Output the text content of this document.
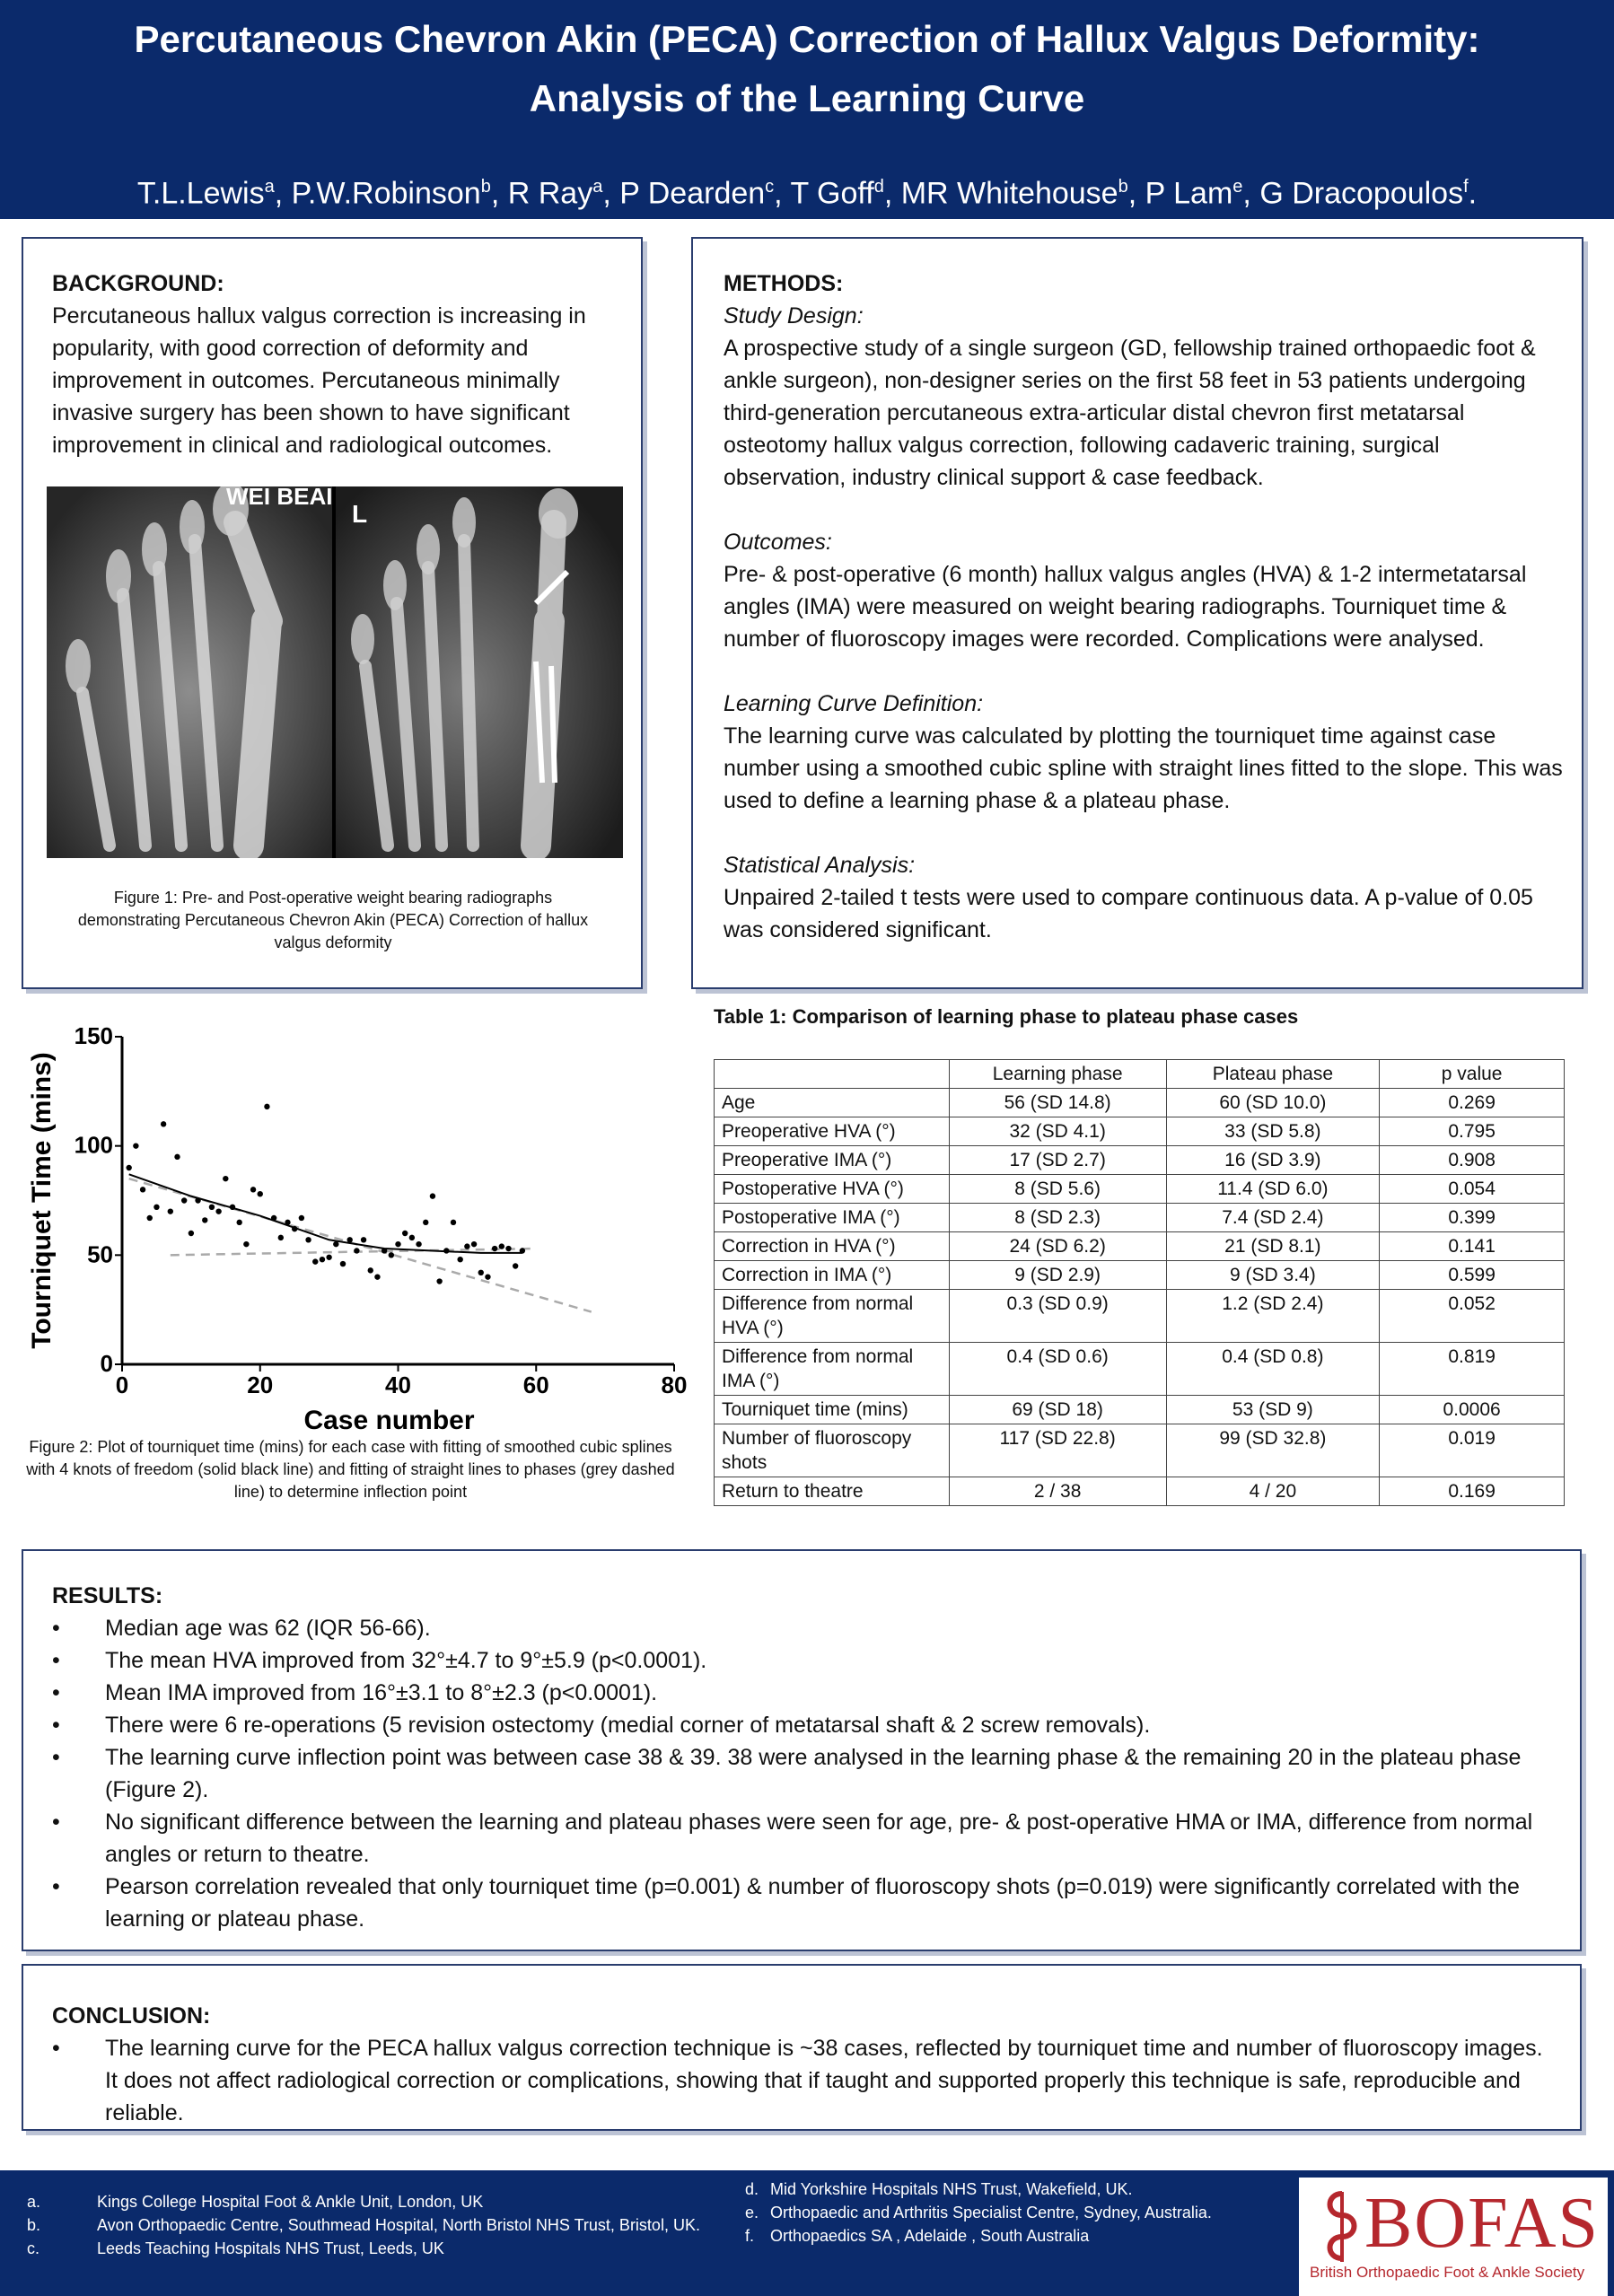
Percutaneous Chevron Akin (PECA) Correction of Hallux Valgus Deformity:
Analysis of the Learning Curve
T.L.Lewis$^a$, P.W.Robinson$^b$, R Ray$^a$, P Dearden$^c$, T Goff$^d$, MR Whitehouse$^b$, P Lam$^e$, G Dracopoulos$^f$.
BACKGROUND:

Percutaneous hallux valgus correction is increasing in popularity, with good correction of deformity and improvement in outcomes. Percutaneous minimally invasive surgery has been shown to have significant improvement in clinical and radiological outcomes.

WEI BEAI
L
Figure 1: Pre- and Post-operative weight bearing radiographs demonstrating Percutaneous Chevron Akin (PECA) Correction of hallux valgus deformity
METHODS:
Study Design:

A prospective study of a single surgeon (GD, fellowship trained orthopaedic foot & ankle surgeon), non-designer series on the first 58 feet in 53 patients undergoing third-generation percutaneous extra-articular distal chevron first metatarsal osteotomy hallux valgus correction, following cadaveric training, surgical observation, industry clinical support & case feedback.

Outcomes:

Pre- & post-operative (6 month) hallux valgus angles (HVA) & 1-2 intermetatarsal angles (IMA) were measured on weight bearing radiographs. Tourniquet time & number of fluoroscopy images were recorded. Complications were analysed.

Learning Curve Definition:

The learning curve was calculated by plotting the tourniquet time against case number using a smoothed cubic spline with straight lines fitted to the slope. This was used to define a learning phase & a plateau phase.

Statistical Analysis:

Unpaired 2-tailed t tests were used to compare continuous data. A p-value of 0.05 was considered significant.

0	20	40	60	80
0
50
100
150
Case number
Tourniquet Time (mins)
Figure 2: Plot of tourniquet time (mins) for each case with fitting of smoothed cubic splines with 4 knots of freedom (solid black line) and fitting of straight lines to phases (grey dashed line) to determine inflection point
Table 1: Comparison of learning phase to plateau phase cases
	Learning phase	Plateau phase	p value
Age	56 (SD 14.8)	60 (SD 10.0)	0.269
Preoperative HVA (°)	32 (SD 4.1)	33 (SD 5.8)	0.795
Preoperative IMA (°)	17 (SD 2.7)	16 (SD 3.9)	0.908
Postoperative HVA (°)	8 (SD 5.6)	11.4 (SD 6.0)	0.054
Postoperative IMA (°)	8 (SD 2.3)	7.4 (SD 2.4)	0.399
Correction in HVA (°)	24 (SD 6.2)	21 (SD 8.1)	0.141
Correction in IMA (°)	9 (SD 2.9)	9 (SD 3.4)	0.599
Difference from normal HVA (°)	0.3 (SD 0.9)	1.2 (SD 2.4)	0.052
Difference from normal IMA (°)	0.4 (SD 0.6)	0.4 (SD 0.8)	0.819
Tourniquet time (mins)	69 (SD 18)	53 (SD 9)	0.0006
Number of fluoroscopy shots	117 (SD 22.8)	99 (SD 32.8)	0.019
Return to theatre	2 / 38	4 / 20	0.169
RESULTS:
• Median age was 62 (IQR 56-66).
• The mean HVA improved from 32°±4.7 to 9°±5.9 (p<0.0001).
• Mean IMA improved from 16°±3.1 to 8°±2.3 (p<0.0001).
• There were 6 re-operations (5 revision ostectomy (medial corner of metatarsal shaft & 2 screw removals).
• The learning curve inflection point was between case 38 & 39. 38 were analysed in the learning phase & the remaining 20 in the plateau phase (Figure 2).
• No significant difference between the learning and plateau phases were seen for age, pre- & post-operative HMA or IMA, difference from normal angles or return to theatre.
• Pearson correlation revealed that only tourniquet time (p=0.001) & number of fluoroscopy shots (p=0.019) were significantly correlated with the learning or plateau phase.
CONCLUSION:
• The learning curve for the PECA hallux valgus correction technique is ~38 cases, reflected by tourniquet time and number of fluoroscopy images. It does not affect radiological correction or complications, showing that if taught and supported properly this technique is safe, reproducible and reliable.
a.	Kings College Hospital Foot & Ankle Unit, London, UK
b.	Avon Orthopaedic Centre, Southmead Hospital, North Bristol NHS Trust, Bristol, UK.
c.	Leeds Teaching Hospitals NHS Trust, Leeds, UK
d. Mid Yorkshire Hospitals NHS Trust, Wakefield, UK.
e. Orthopaedic and Arthritis Specialist Centre, Sydney, Australia.
f. Orthopaedics SA , Adelaide , South Australia	BOFAS
British Orthopaedic Foot & Ankle Society
